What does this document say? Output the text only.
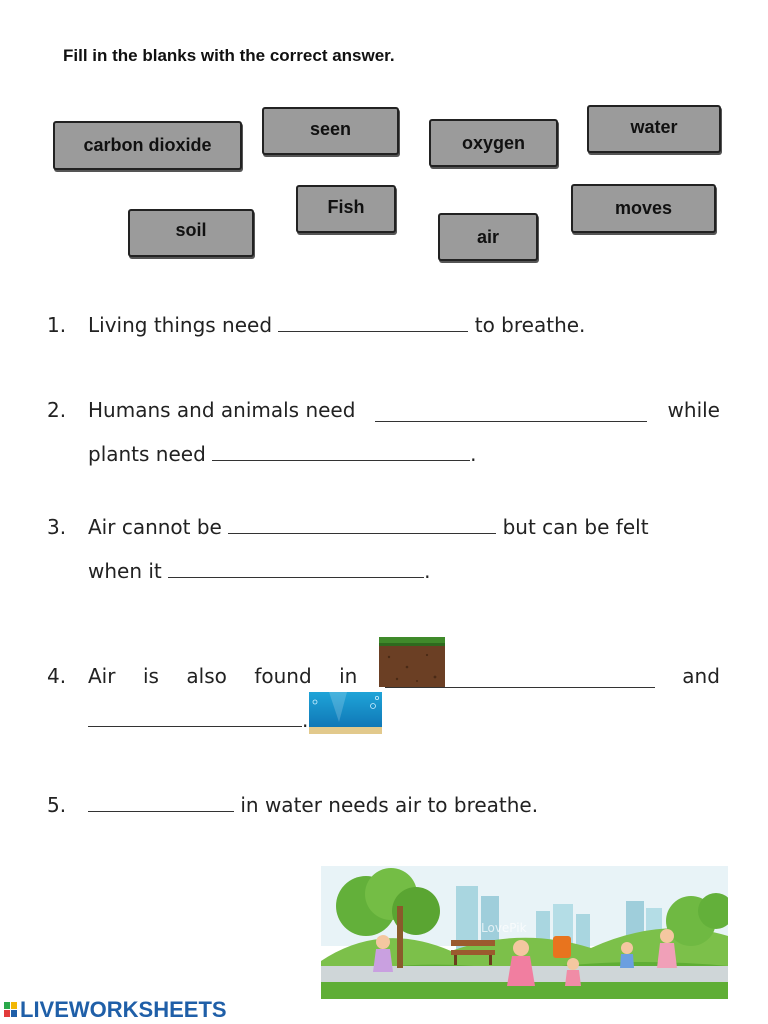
Fill in the blanks with the correct answer.
carbon dioxide
seen
oxygen
water
soil
Fish
air
moves
1. Living things need	to breathe.
2. Humans and animals need	while
plants need	.
3. Air cannot be	but can be felt
when it	.
4. Air is also found in	and
.
5.	in water needs air to breathe.
LovePik
LIVEWORKSHEETS
